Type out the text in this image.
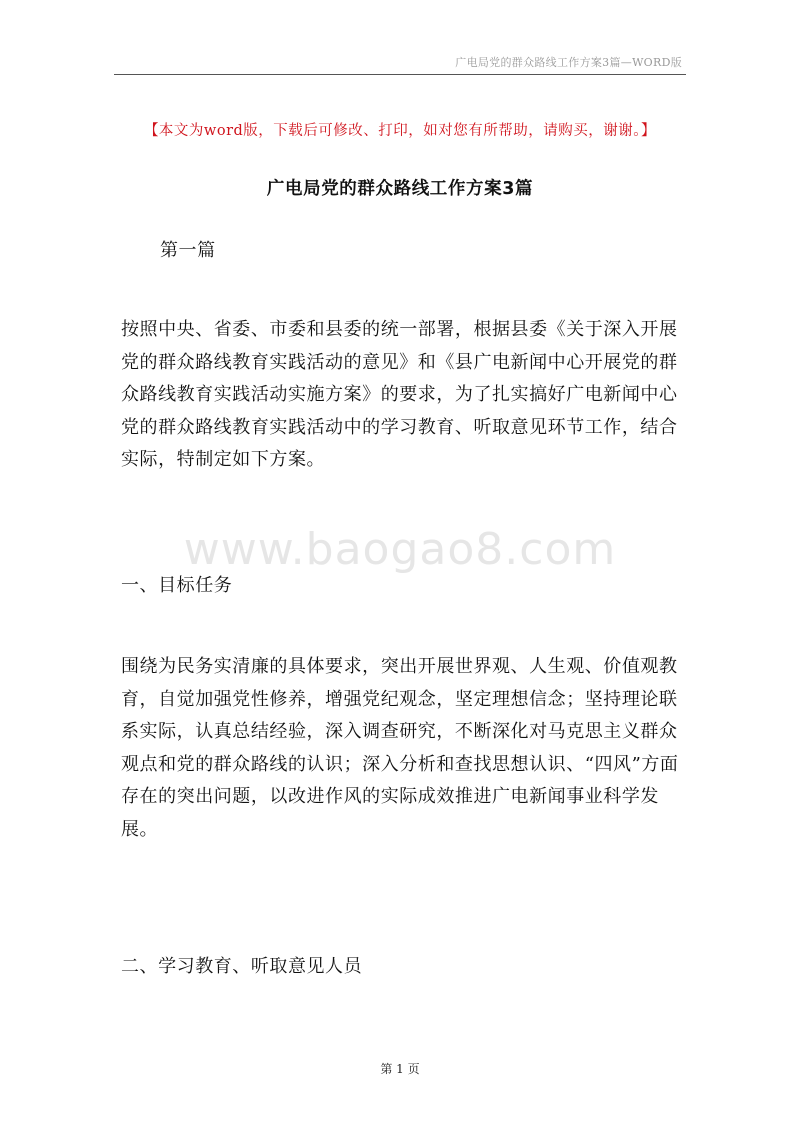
广电局党的群众路线工作方案3篇—WORD版
【本文为word版，下载后可修改、打印，如对您有所帮助，请购买，谢谢。】
广电局党的群众路线工作方案3篇
第一篇
按照中央、省委、市委和县委的统一部署，根据县委《关于深入开展
党的群众路线教育实践活动的意见》和《县广电新闻中心开展党的群
众路线教育实践活动实施方案》的要求，为了扎实搞好广电新闻中心
党的群众路线教育实践活动中的学习教育、听取意见环节工作，结合
实际，特制定如下方案。
www.baogao8.com
一、目标任务
围绕为民务实清廉的具体要求，突出开展世界观、人生观、价值观教
育，自觉加强党性修养，增强党纪观念，坚定理想信念；坚持理论联
系实际，认真总结经验，深入调查研究，不断深化对马克思主义群众
观点和党的群众路线的认识；深入分析和查找思想认识、“四风”方面
存在的突出问题，以改进作风的实际成效推进广电新闻事业科学发
展。
二、学习教育、听取意见人员
第 1 页
